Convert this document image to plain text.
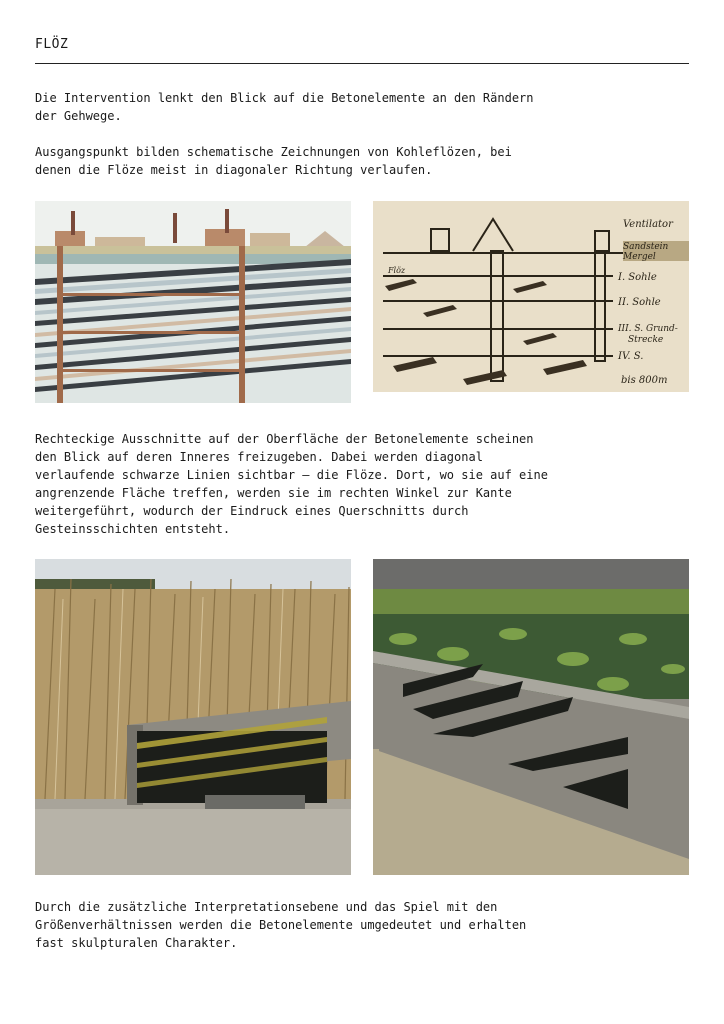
FLÖZ

Die Intervention lenkt den Blick auf die Betonelemente an den Rändern
der Gehwege.

Ausgangspunkt bilden schematische Zeichnungen von Kohleflözen, bei
denen die Flöze meist in diagonaler Richtung verlaufen.

Ventilator
Sandstein
Mergel
I. Sohle
II. Sohle
III. S. Grund-
Strecke
IV. S.
bis 800m
Flöz

Rechteckige Ausschnitte auf der Oberfläche der Betonelemente scheinen
den Blick auf deren Inneres freizugeben. Dabei werden diagonal
verlaufende schwarze Linien sichtbar – die Flöze. Dort, wo sie auf eine
angrenzende Fläche treffen, werden sie im rechten Winkel zur Kante
weitergeführt, wodurch der Eindruck eines Querschnitts durch
Gesteinsschichten entsteht.

Durch die zusätzliche Interpretationsebene und das Spiel mit den
Größenverhältnissen werden die Betonelemente umgedeutet und erhalten
fast skulpturalen Charakter.
